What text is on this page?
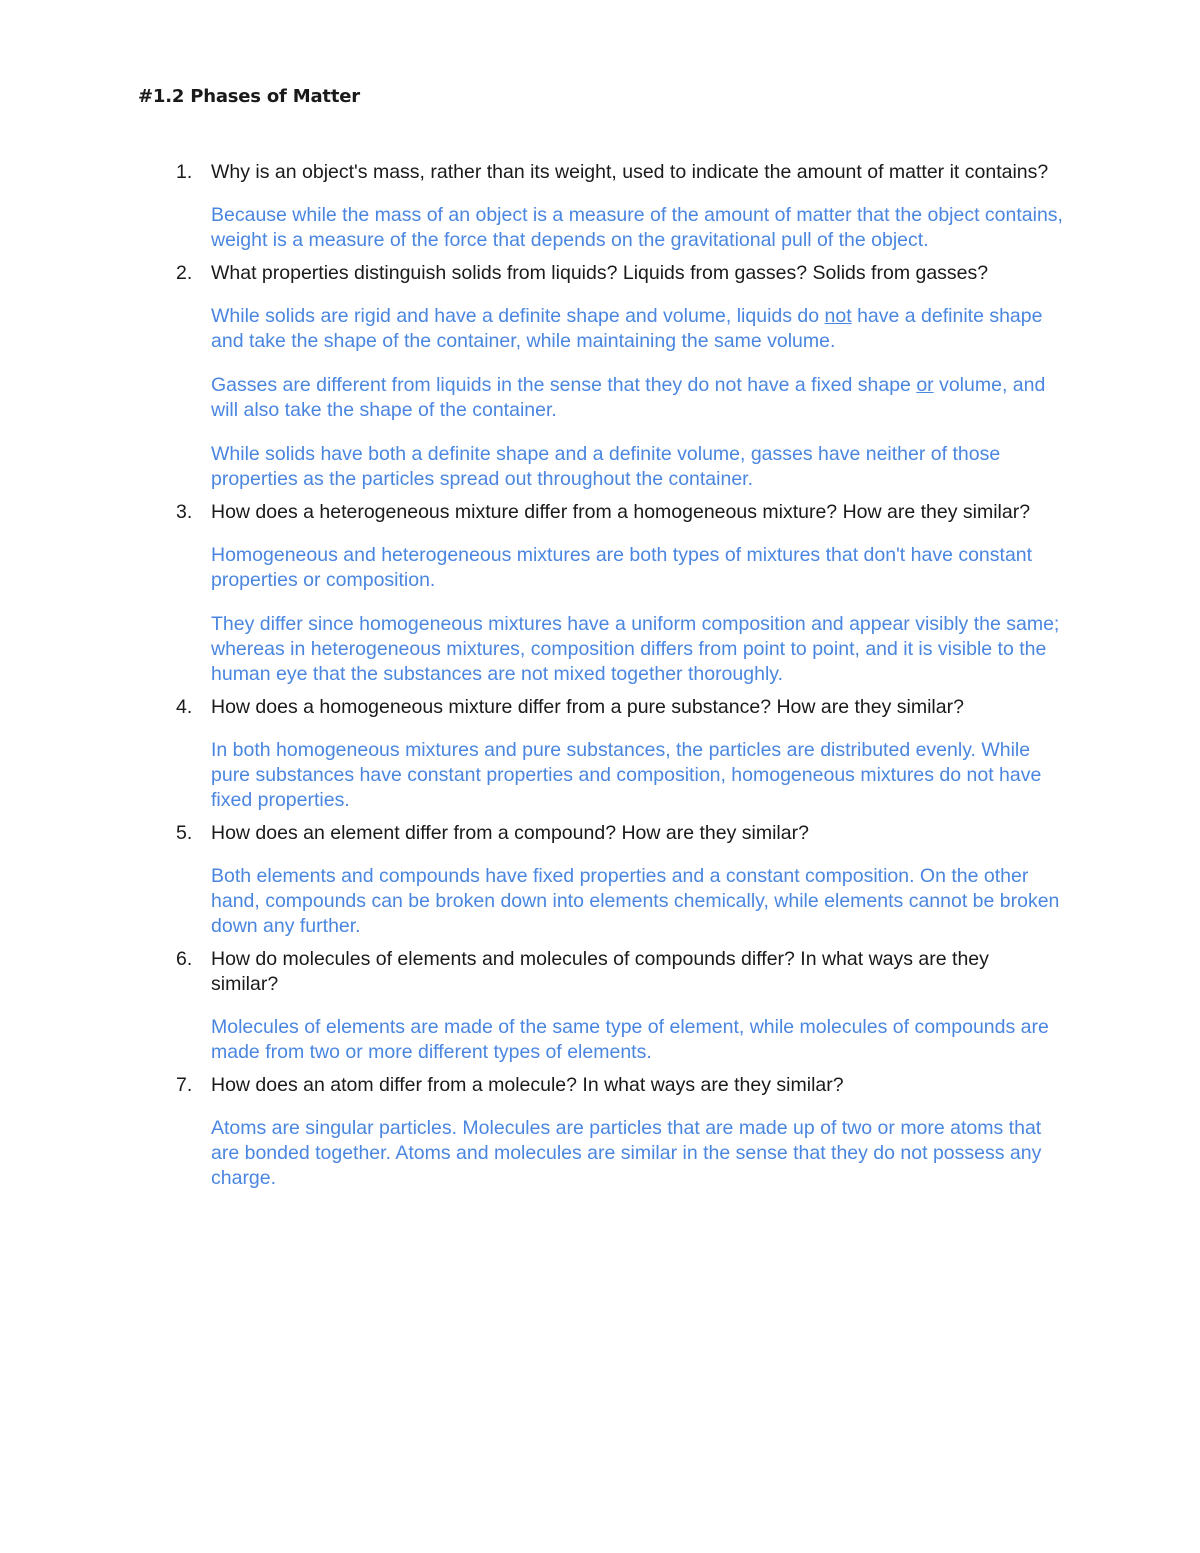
#1.2 Phases of Matter
1. Why is an object's mass, rather than its weight, used to indicate the amount of matter it contains?

Because while the mass of an object is a measure of the amount of matter that the object contains, weight is a measure of the force that depends on the gravitational pull of the object.

2. What properties distinguish solids from liquids? Liquids from gasses? Solids from gasses?

While solids are rigid and have a definite shape and volume, liquids do not have a definite shape and take the shape of the container, while maintaining the same volume.

Gasses are different from liquids in the sense that they do not have a fixed shape or volume, and will also take the shape of the container.

While solids have both a definite shape and a definite volume, gasses have neither of those properties as the particles spread out throughout the container.

3. How does a heterogeneous mixture differ from a homogeneous mixture? How are they similar?

Homogeneous and heterogeneous mixtures are both types of mixtures that don't have constant properties or composition.

They differ since homogeneous mixtures have a uniform composition and appear visibly the same; whereas in heterogeneous mixtures, composition differs from point to point, and it is visible to the human eye that the substances are not mixed together thoroughly.

4. How does a homogeneous mixture differ from a pure substance? How are they similar?

In both homogeneous mixtures and pure substances, the particles are distributed evenly. While pure substances have constant properties and composition, homogeneous mixtures do not have fixed properties.

5. How does an element differ from a compound? How are they similar?

Both elements and compounds have fixed properties and a constant composition. On the other hand, compounds can be broken down into elements chemically, while elements cannot be broken down any further.

6. How do molecules of elements and molecules of compounds differ? In what ways are they similar?

Molecules of elements are made of the same type of element, while molecules of compounds are made from two or more different types of elements.

7. How does an atom differ from a molecule? In what ways are they similar?

Atoms are singular particles. Molecules are particles that are made up of two or more atoms that are bonded together. Atoms and molecules are similar in the sense that they do not possess any charge.
